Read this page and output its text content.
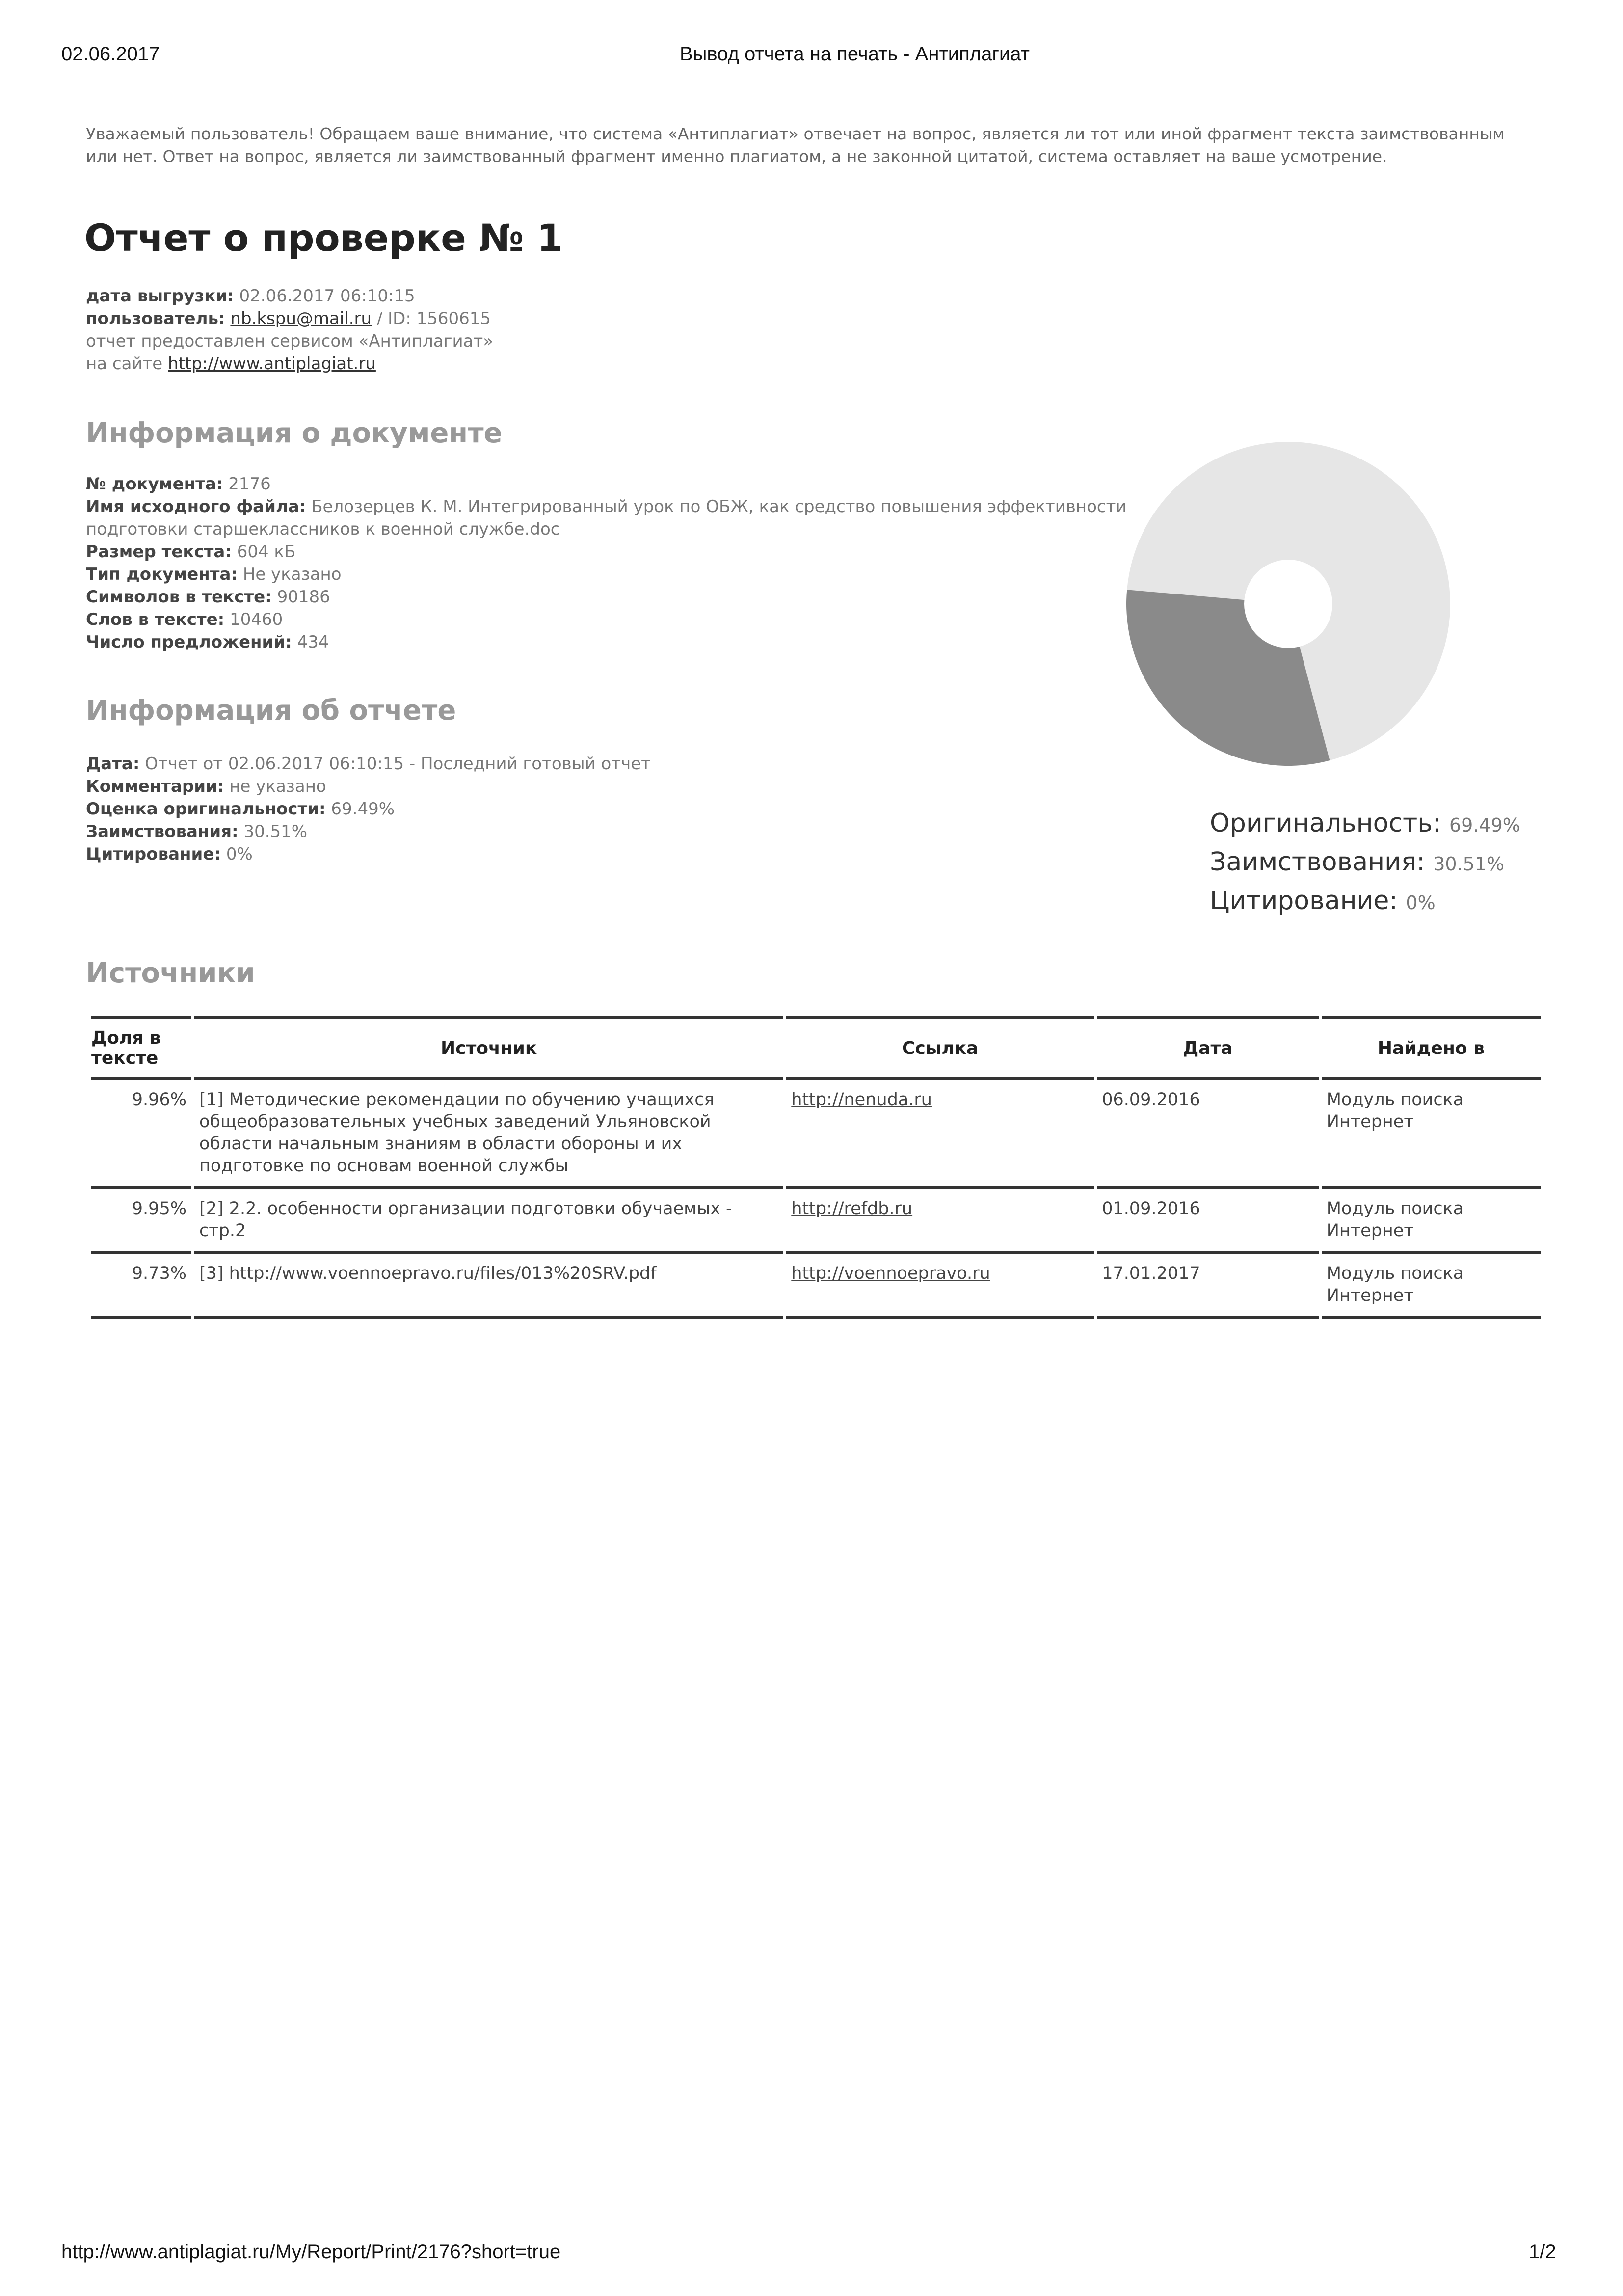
02.06.2017	Вывод отчета на печать - Антиплагиат
Уважаемый пользователь! Обращаем ваше внимание, что система «Антиплагиат» отвечает на вопрос, является ли тот или иной фрагмент текста заимствованным или нет. Ответ на вопрос, является ли заимствованный фрагмент именно плагиатом, а не законной цитатой, система оставляет на ваше усмотрение.
Отчет о проверке № 1
дата выгрузки: 02.06.2017 06:10:15
пользователь: nb.kspu@mail.ru / ID: 1560615
отчет предоставлен сервисом «Антиплагиат»
на сайте http://www.antiplagiat.ru
Информация о документе
№ документа: 2176
Имя исходного файла: Белозерцев К. М. Интегрированный урок по ОБЖ, как средство повышения эффективности подготовки старшеклассников к военной службе.doc
Размер текста: 604 кБ
Тип документа: Не указано
Символов в тексте: 90186
Слов в тексте: 10460
Число предложений: 434
Информация об отчете
Дата: Отчет от 02.06.2017 06:10:15 - Последний готовый отчет
Комментарии: не указано
Оценка оригинальности: 69.49%
Заимствования: 30.51%
Цитирование: 0%
Оригинальность: 69.49%
Заимствования: 30.51%
Цитирование: 0%
Источники
Доля в тексте	Источник	Ссылка	Дата	Найдено в
9.96%	[1] Методические рекомендации по обучению учащихся общеобразовательных учебных заведений Ульяновской области начальным знаниям в области обороны и их подготовке по основам военной службы	http://nenuda.ru	06.09.2016	Модуль поиска Интернет
9.95%	[2] 2.2. особенности организации подготовки обучаемых - стр.2	http://refdb.ru	01.09.2016	Модуль поиска Интернет
9.73%	[3] http://www.voennoepravo.ru/files/013%20SRV.pdf	http://voennoepravo.ru	17.01.2017	Модуль поиска Интернет
http://www.antiplagiat.ru/My/Report/Print/2176?short=true	1/2
